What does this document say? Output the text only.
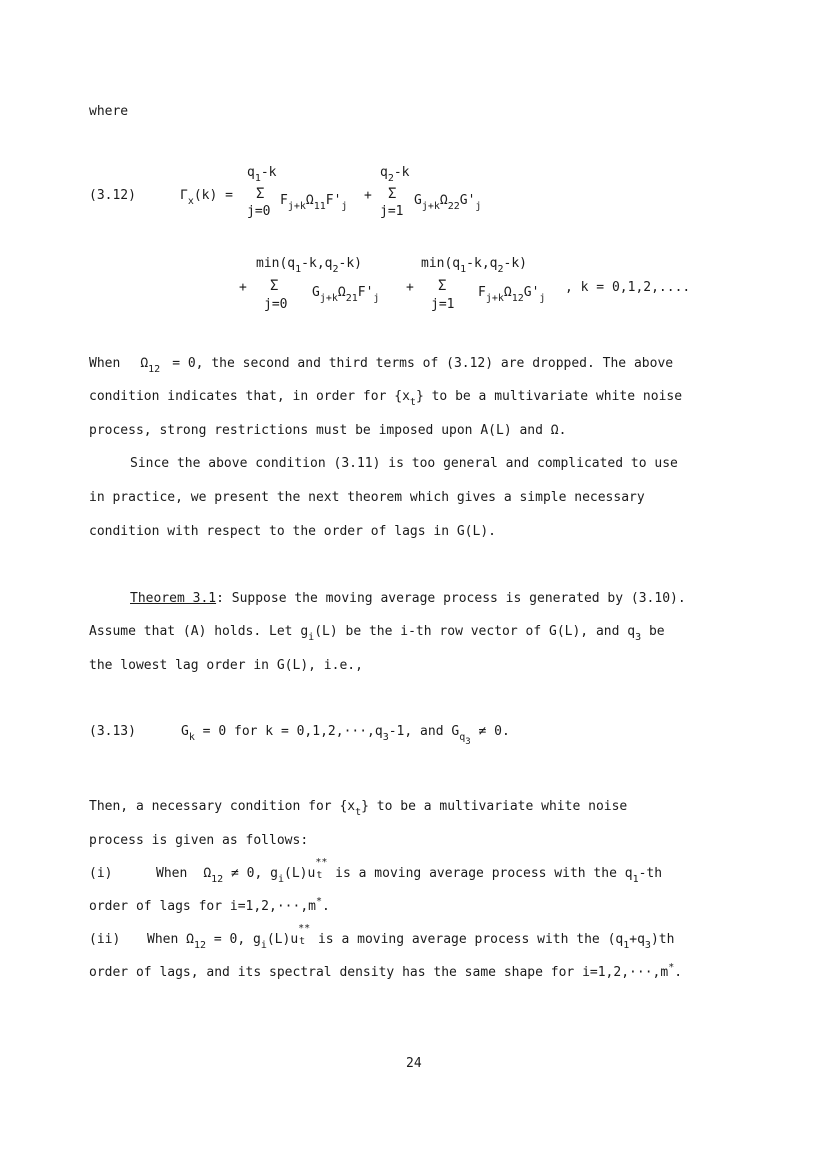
where
(3.12)	$\Gamma_x(k)$ =
$q_1-k$
Σ
j=0
$F_{j+k}\Omega_{11}F'_j$
+
$q_2-k$
Σ
j=1
$G_{j+k}\Omega_{22}G'_j$
$\min(q_1-k,q_2-k)$
+ Σ
j=0
$G_{j+k}\Omega_{21}F'_j$
$\min(q_1-k,q_2-k)$
+ Σ
j=1
$F_{j+k}\Omega_{12}G'_j$
, k = 0,1,2,....
When $\Omega_{12} = 0$, the second and third terms of (3.12) are dropped. The above
condition indicates that, in order for $\{x_t\}$ to be a multivariate white noise
process, strong restrictions must be imposed upon A(L) and Ω.
Since the above condition (3.11) is too general and complicated to use
in practice, we present the next theorem which gives a simple necessary
condition with respect to the order of lags in G(L).
Theorem 3.1: Suppose the moving average process is generated by (3.10).
Assume that (A) holds. Let $g_i(L)$ be the i-th row vector of G(L), and $q_3$ be
the lowest lag order in G(L), i.e.,
(3.13)	$G_k = 0$ for $k = 0,1,2,\cdot\cdot\cdot,q_3-1$, and $G_{q3} \ne 0$.
Then, a necessary condition for $\{x_t\}$ to be a multivariate white noise
process is given as follows:
(i)	When $\Omega_{12} \ne 0$, $g_i(L)u$
**
t is a moving average process with the $q_1-th$
order of lags for i=1,2,···,m*.
(ii) When $\Omega_{12} = 0$, $g_i(L)u$
**
t is a moving average process with the $(q_1+q_3)th$
order of lags, and its spectral density has the same shape for i=1,2,···,m*.
24
